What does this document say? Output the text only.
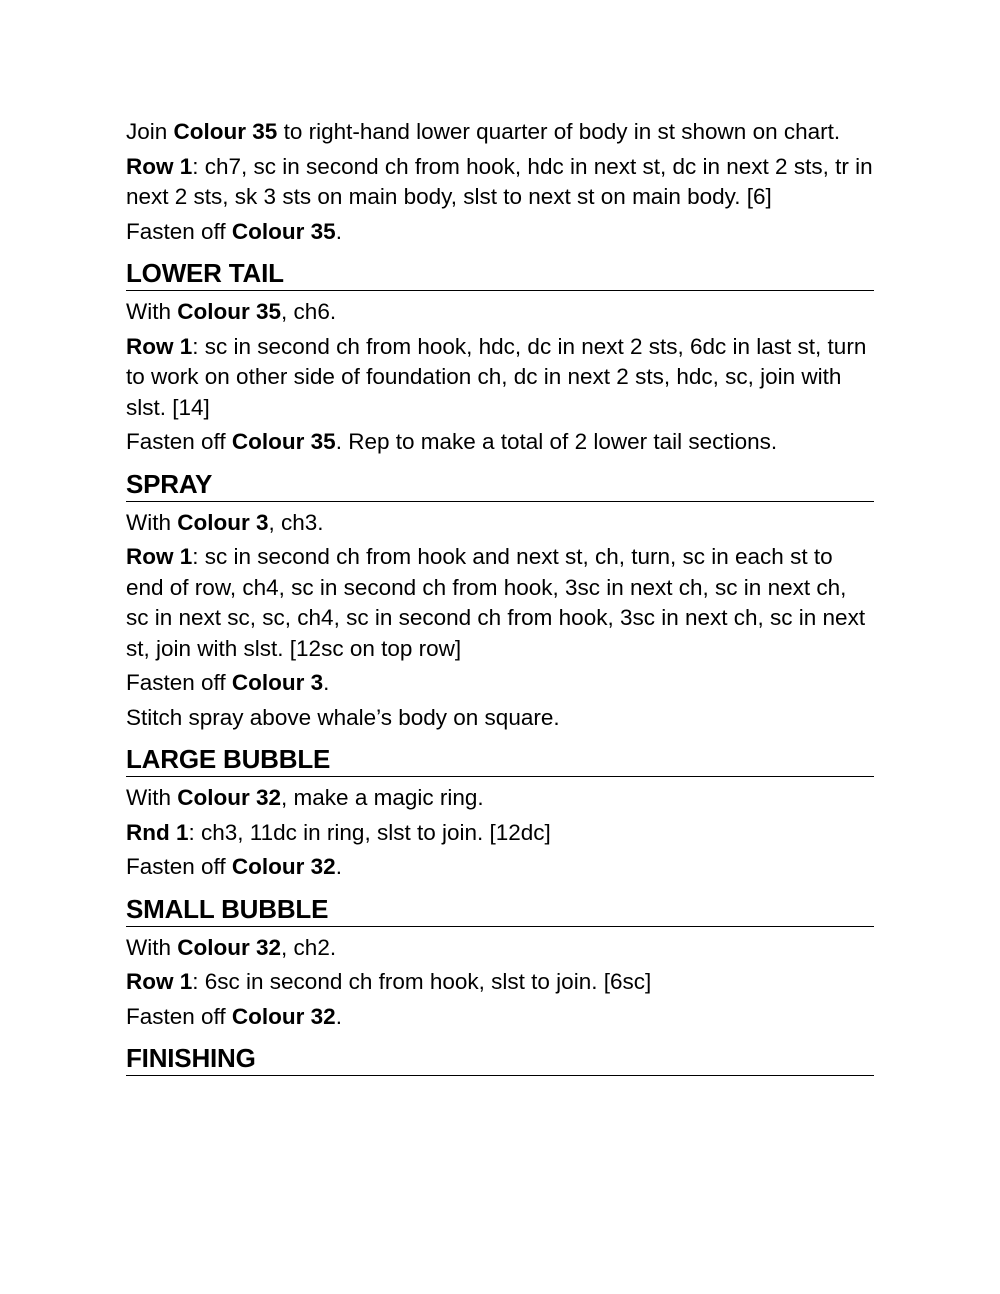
Join Colour 35 to right-hand lower quarter of body in st shown on chart.

Row 1: ch7, sc in second ch from hook, hdc in next st, dc in next 2 sts, tr in next 2 sts, sk 3 sts on main body, slst to next st on main body. [6]

Fasten off Colour 35.

LOWER TAIL

With Colour 35, ch6.

Row 1: sc in second ch from hook, hdc, dc in next 2 sts, 6dc in last st, turn to work on other side of foundation ch, dc in next 2 sts, hdc, sc, join with slst. [14]

Fasten off Colour 35. Rep to make a total of 2 lower tail sections.

SPRAY

With Colour 3, ch3.

Row 1: sc in second ch from hook and next st, ch, turn, sc in each st to end of row, ch4, sc in second ch from hook, 3sc in next ch, sc in next ch, sc in next sc, sc, ch4, sc in second ch from hook, 3sc in next ch, sc in next st, join with slst. [12sc on top row]

Fasten off Colour 3.

Stitch spray above whale’s body on square.

LARGE BUBBLE

With Colour 32, make a magic ring.

Rnd 1: ch3, 11dc in ring, slst to join. [12dc]

Fasten off Colour 32.

SMALL BUBBLE

With Colour 32, ch2.

Row 1: 6sc in second ch from hook, slst to join. [6sc]

Fasten off Colour 32.

FINISHING
